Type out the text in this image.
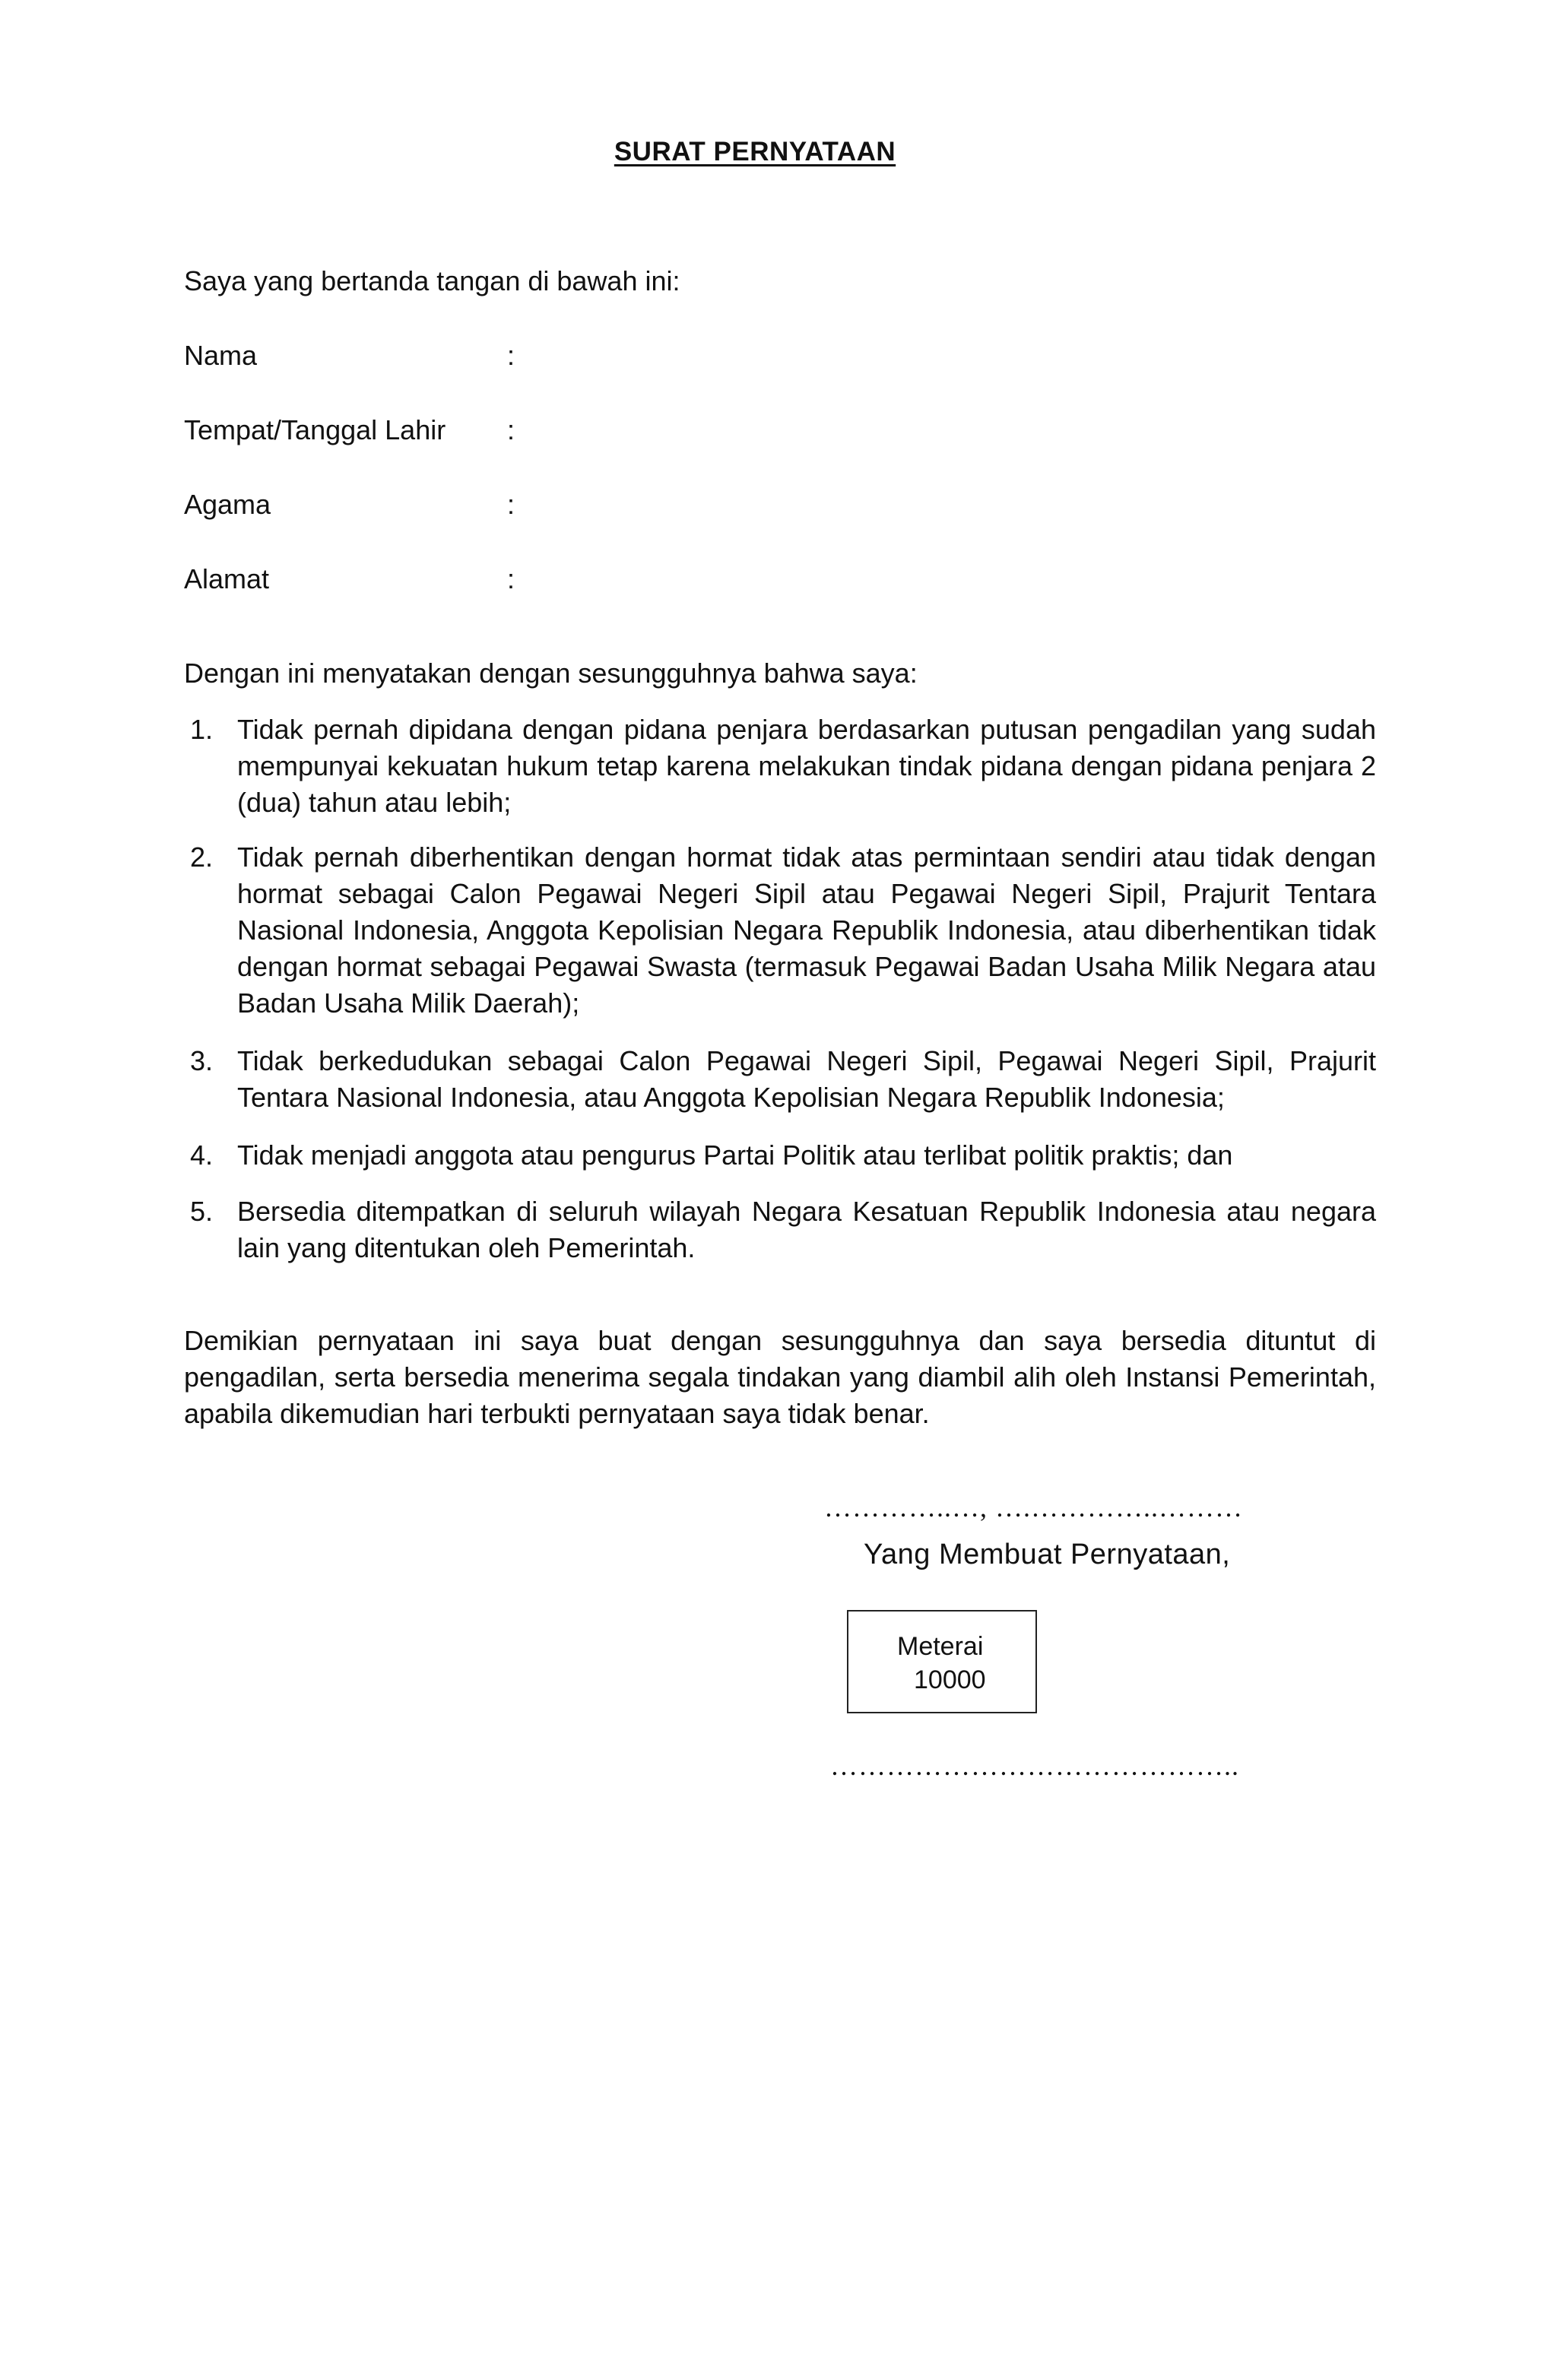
SURAT PERNYATAAN
Saya yang bertanda tangan di bawah ini:
Nama	:
Tempat/Tanggal Lahir :
Agama	:
Alamat	:
Dengan ini menyatakan dengan sesungguhnya bahwa saya:
1. Tidak pernah dipidana dengan pidana penjara berdasarkan putusan pengadilan yang sudah mempunyai kekuatan hukum tetap karena melakukan tindak pidana dengan pidana penjara 2 (dua) tahun atau lebih;
2. Tidak pernah diberhentikan dengan hormat tidak atas permintaan sendiri atau tidak dengan hormat sebagai Calon Pegawai Negeri Sipil atau Pegawai Negeri Sipil, Prajurit Tentara Nasional Indonesia, Anggota Kepolisian Negara Republik Indonesia, atau diberhentikan tidak dengan hormat sebagai Pegawai Swasta (termasuk Pegawai Badan Usaha Milik Negara atau Badan Usaha Milik Daerah);
3. Tidak berkedudukan sebagai Calon Pegawai Negeri Sipil, Pegawai Negeri Sipil, Prajurit Tentara Nasional Indonesia, atau Anggota Kepolisian Negara Republik Indonesia;
4. Tidak menjadi anggota atau pengurus Partai Politik atau terlibat politik praktis; dan
5. Bersedia ditempatkan di seluruh wilayah Negara Kesatuan Republik Indonesia atau negara lain yang ditentukan oleh Pemerintah.
Demikian pernyataan ini saya buat dengan sesungguhnya dan saya bersedia dituntut di pengadilan, serta bersedia menerima segala tindakan yang diambil alih oleh Instansi Pemerintah, apabila dikemudian hari terbukti pernyataan saya tidak benar.
…………..…, ….…………..………
Yang Membuat Pernyataan,
Meterai
10000
……………………………………..
